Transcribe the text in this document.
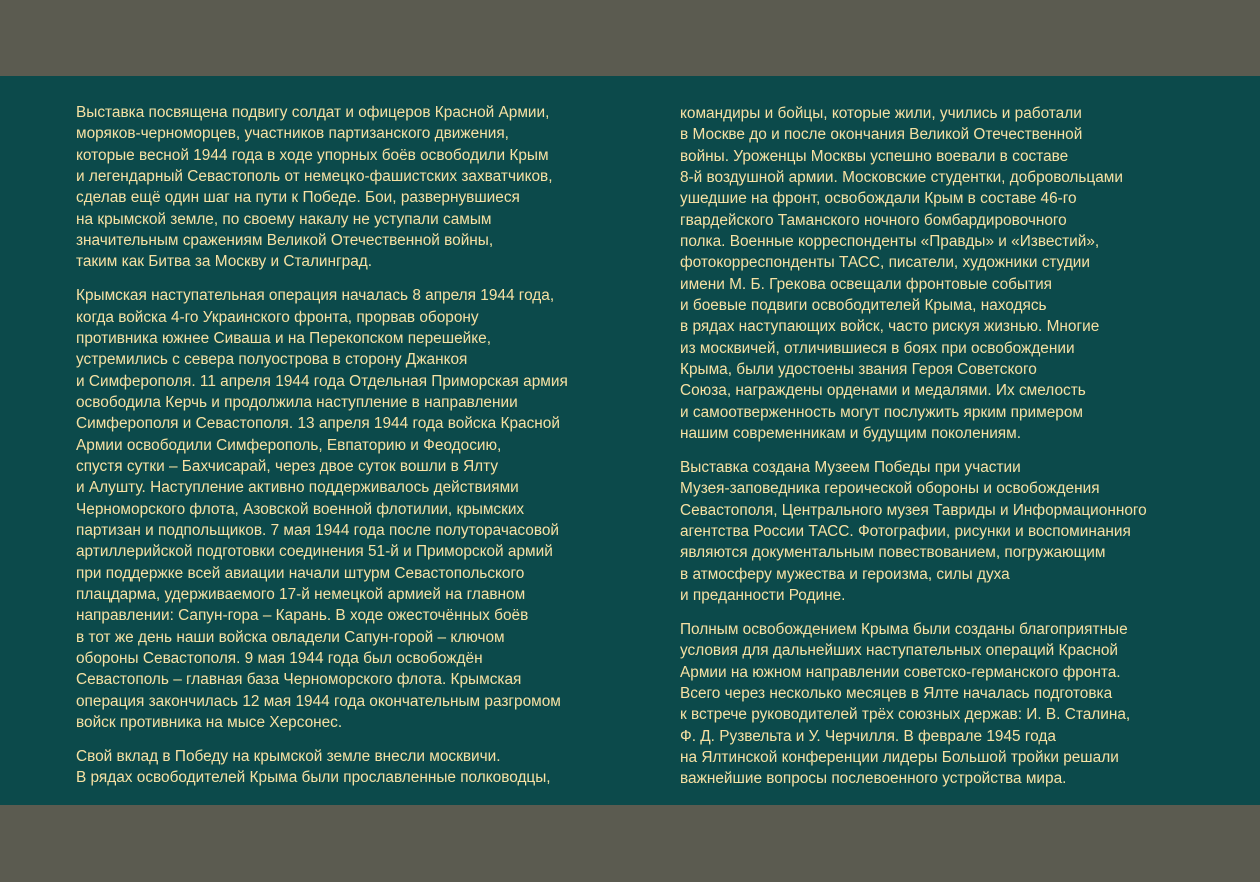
Выставка посвящена подвигу солдат и офицеров Красной Армии,
моряков-черноморцев, участников партизанского движения,
которые весной 1944 года в ходе упорных боёв освободили Крым
и легендарный Севастополь от немецко-фашистских захватчиков,
сделав ещё один шаг на пути к Победе. Бои, развернувшиеся
на крымской земле, по своему накалу не уступали самым
значительным сражениям Великой Отечественной войны,
таким как Битва за Москву и Сталинград.

Крымская наступательная операция началась 8 апреля 1944 года,
когда войска 4-го Украинского фронта, прорвав оборону
противника южнее Сиваша и на Перекопском перешейке,
устремились с севера полуострова в сторону Джанкоя
и Симферополя. 11 апреля 1944 года Отдельная Приморская армия
освободила Керчь и продолжила наступление в направлении
Симферополя и Севастополя. 13 апреля 1944 года войска Красной
Армии освободили Симферополь, Евпаторию и Феодосию,
спустя сутки – Бахчисарай, через двое суток вошли в Ялту
и Алушту. Наступление активно поддерживалось действиями
Черноморского флота, Азовской военной флотилии, крымских
партизан и подпольщиков. 7 мая 1944 года после полуторачасовой
артиллерийской подготовки соединения 51-й и Приморской армий
при поддержке всей авиации начали штурм Севастопольского
плацдарма, удерживаемого 17-й немецкой армией на главном
направлении: Сапун-гора – Карань. В ходе ожесточённых боёв
в тот же день наши войска овладели Сапун-горой – ключом
обороны Севастополя. 9 мая 1944 года был освобождён
Севастополь – главная база Черноморского флота. Крымская
операция закончилась 12 мая 1944 года окончательным разгромом
войск противника на мысе Херсонес.

Свой вклад в Победу на крымской земле внесли москвичи.
В рядах освободителей Крыма были прославленные полководцы,

командиры и бойцы, которые жили, учились и работали
в Москве до и после окончания Великой Отечественной
войны. Уроженцы Москвы успешно воевали в составе
8-й воздушной армии. Московские студентки, добровольцами
ушедшие на фронт, освобождали Крым в составе 46-го
гвардейского Таманского ночного бомбардировочного
полка. Военные корреспонденты «Правды» и «Известий»,
фотокорреспонденты ТАСС, писатели, художники студии
имени М. Б. Грекова освещали фронтовые события
и боевые подвиги освободителей Крыма, находясь
в рядах наступающих войск, часто рискуя жизнью. Многие
из москвичей, отличившиеся в боях при освобождении
Крыма, были удостоены звания Героя Советского
Союза, награждены орденами и медалями. Их смелость
и самоотверженность могут послужить ярким примером
нашим современникам и будущим поколениям.

Выставка создана Музеем Победы при участии
Музея-заповедника героической обороны и освобождения
Севастополя, Центрального музея Тавриды и Информационного
агентства России ТАСС. Фотографии, рисунки и воспоминания
являются документальным повествованием, погружающим
в атмосферу мужества и героизма, силы духа
и преданности Родине.

Полным освобождением Крыма были созданы благоприятные
условия для дальнейших наступательных операций Красной
Армии на южном направлении советско-германского фронта.
Всего через несколько месяцев в Ялте началась подготовка
к встрече руководителей трёх союзных держав: И. В. Сталина,
Ф. Д. Рузвельта и У. Черчилля. В феврале 1945 года
на Ялтинской конференции лидеры Большой тройки решали
важнейшие вопросы послевоенного устройства мира.
